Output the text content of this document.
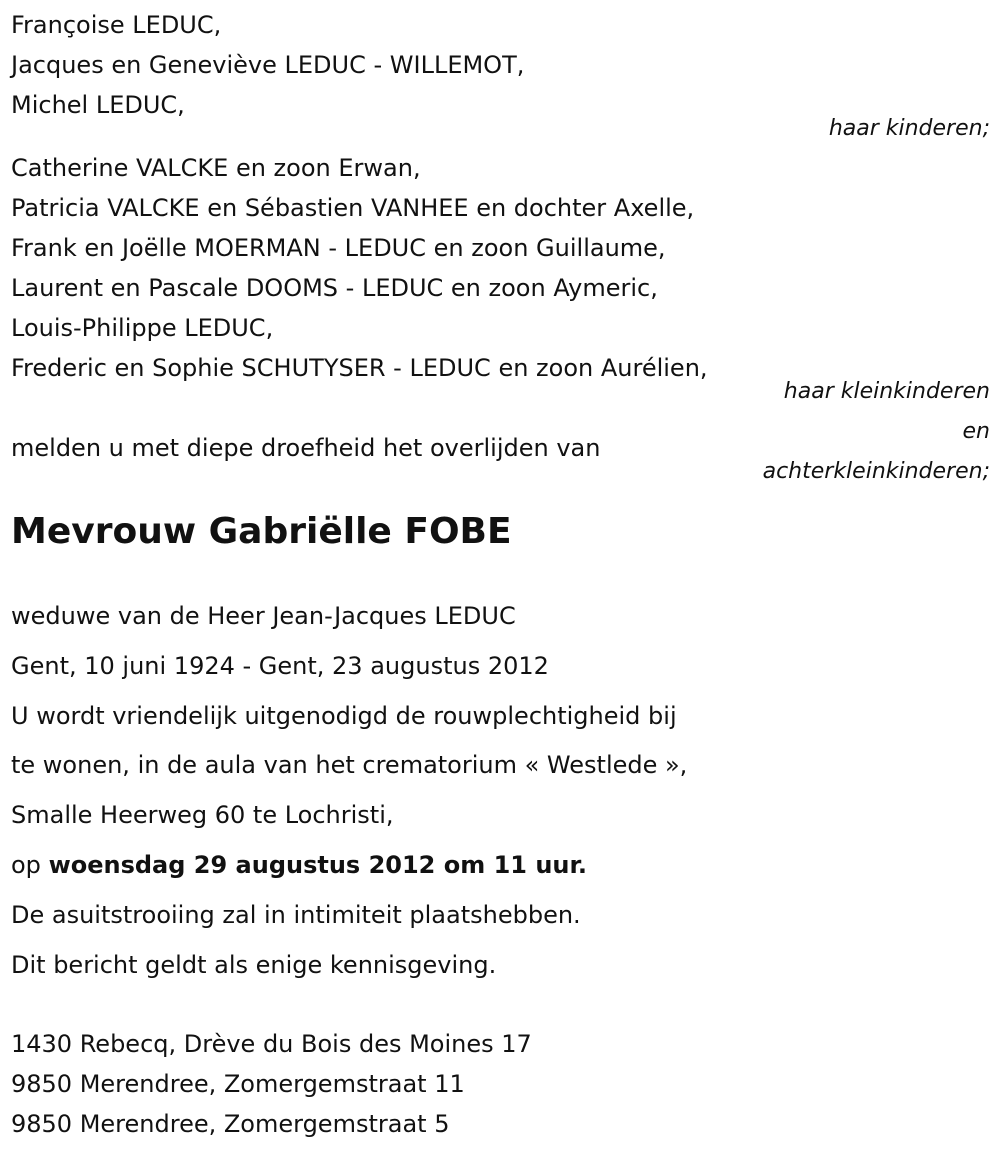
Françoise LEDUC,
Jacques en Geneviève LEDUC - WILLEMOT,
Michel LEDUC,
haar kinderen;
Catherine VALCKE en zoon Erwan,
Patricia VALCKE en Sébastien VANHEE en dochter Axelle,
Frank en Joëlle MOERMAN - LEDUC en zoon Guillaume,
Laurent en Pascale DOOMS - LEDUC en zoon Aymeric,
Louis-Philippe LEDUC,
Frederic en Sophie SCHUTYSER - LEDUC en zoon Aurélien,
haar kleinkinderen
en
achterkleinkinderen;
melden u met diepe droefheid het overlijden van
Mevrouw Gabriëlle FOBE
weduwe van de Heer Jean-Jacques LEDUC
Gent, 10 juni 1924 - Gent, 23 augustus 2012
U wordt vriendelijk uitgenodigd de rouwplechtigheid bij
te wonen, in de aula van het crematorium « Westlede »,
Smalle Heerweg 60 te Lochristi,
op woensdag 29 augustus 2012 om 11 uur.
De asuitstrooiing zal in intimiteit plaatshebben.
Dit bericht geldt als enige kennisgeving.
1430 Rebecq, Drève du Bois des Moines 17
9850 Merendree, Zomergemstraat 11
9850 Merendree, Zomergemstraat 5
